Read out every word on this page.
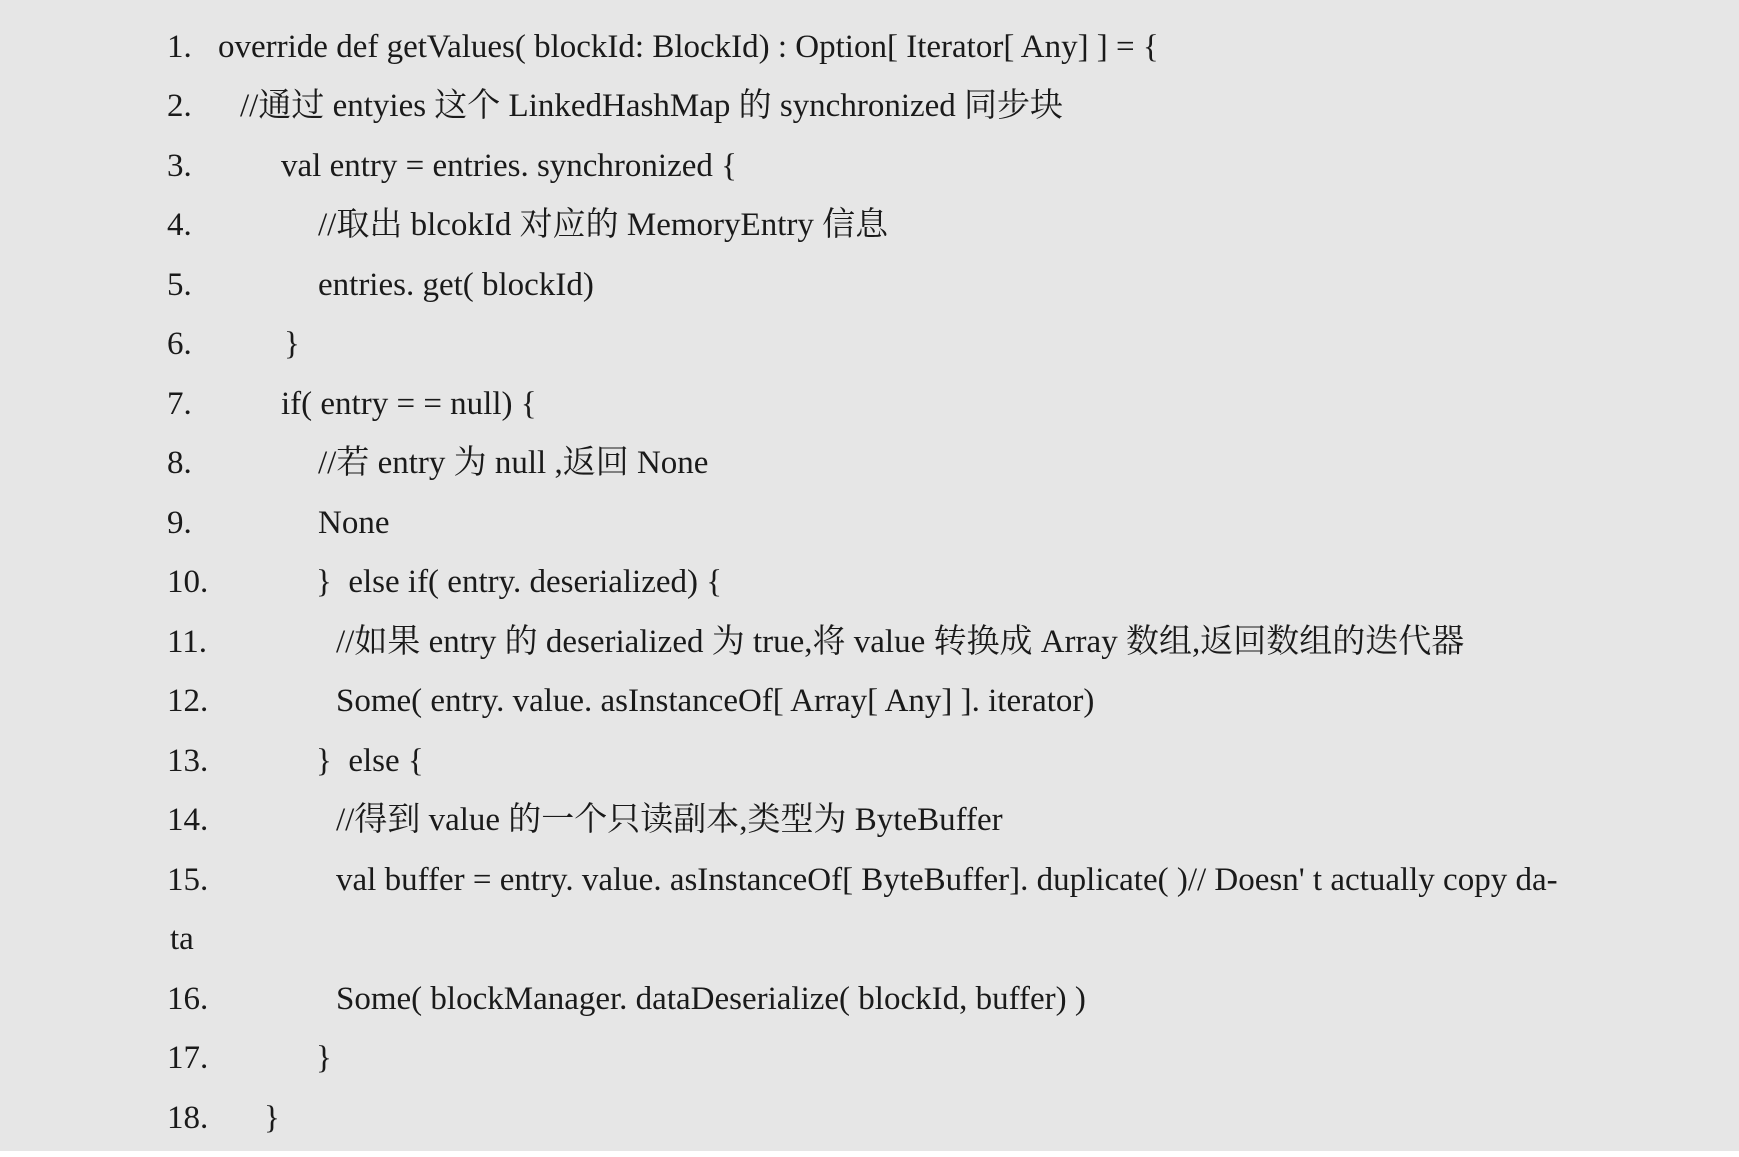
1. override def getValues( blockId: BlockId) : Option[ Iterator[ Any] ] = {
2.	//通过 entyies 这个 LinkedHashMap 的 synchronized 同步块
3.	val entry = entries. synchronized {
4.	//取出 blcokId 对应的 MemoryEntry 信息
5.	entries. get( blockId)
6.	}
7.	if( entry = = null) {
8.	//若 entry 为 null ,返回 None
9.	None
10.	}  else if( entry. deserialized) {
11.	//如果 entry 的 deserialized 为 true,将 value 转换成 Array 数组,返回数组的迭代器
12.	Some( entry. value. asInstanceOf[ Array[ Any] ]. iterator)
13.	}  else {
14.	//得到 value 的一个只读副本,类型为 ByteBuffer
15.	val buffer = entry. value. asInstanceOf[ ByteBuffer]. duplicate( )// Doesn' t actually copy da-
ta
16.	Some( blockManager. dataDeserialize( blockId, buffer) )
17.	}
18.	}
